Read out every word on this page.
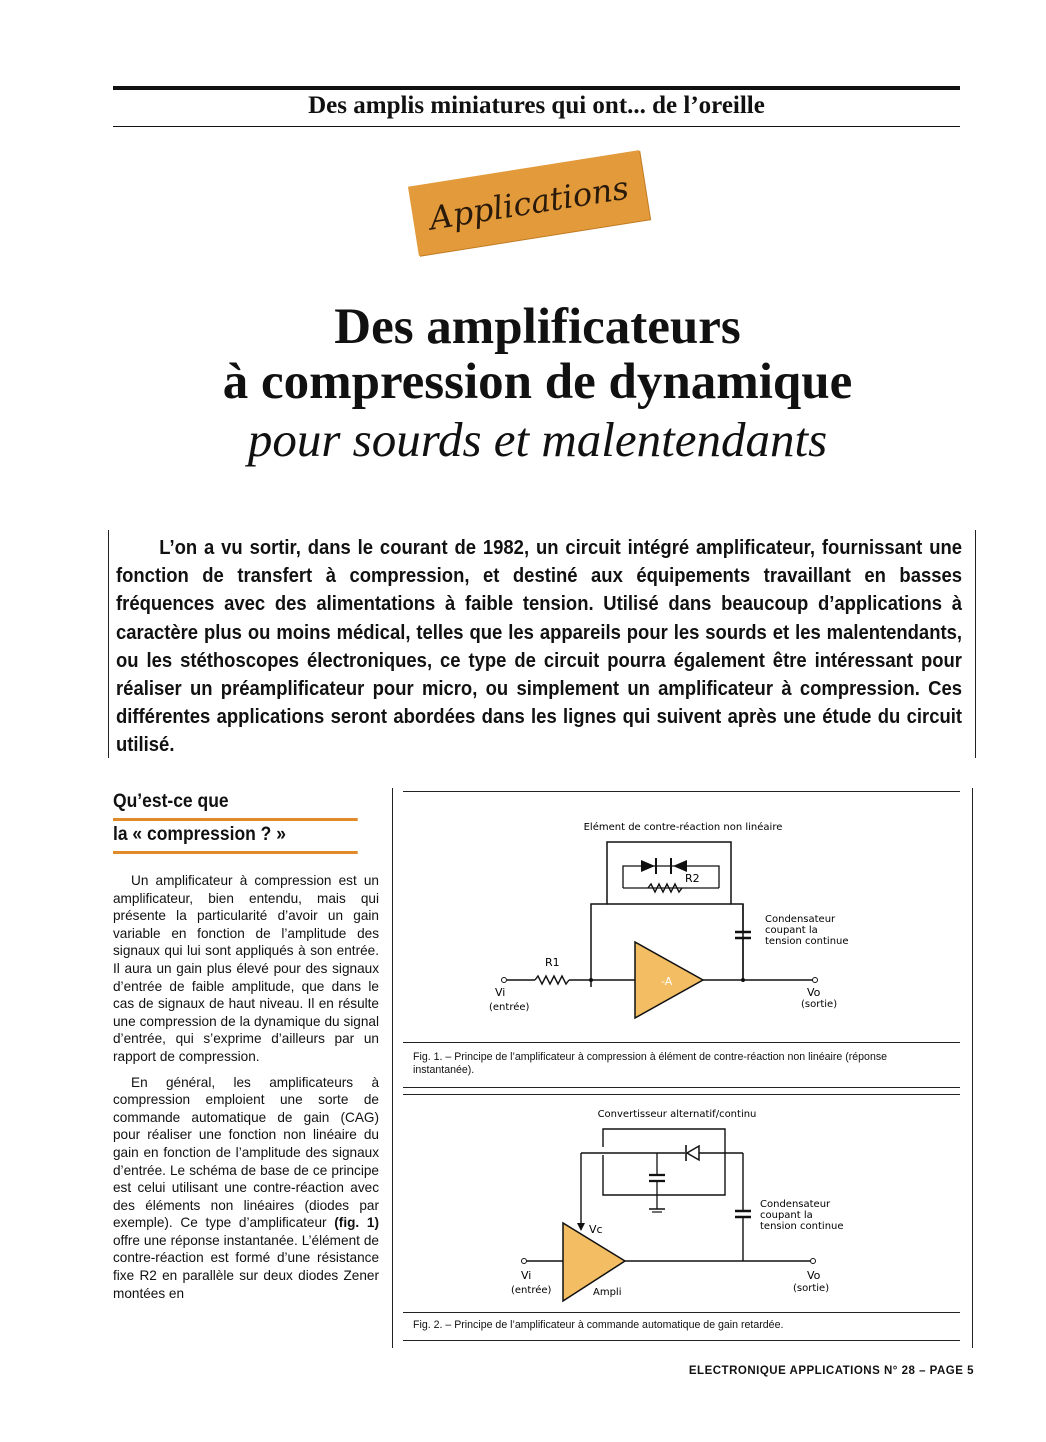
Des amplis miniatures qui ont... de l’oreille
Applications
Des amplificateurs
à compression de dynamique
pour sourds et malentendants
L’on a vu sortir, dans le courant de 1982, un circuit intégré amplificateur, fournissant une fonction de transfert à compression, et destiné aux équipements travaillant en basses fréquences avec des alimentations à faible tension. Utilisé dans beaucoup d’applications à caractère plus ou moins médical, telles que les appareils pour les sourds et les malentendants, ou les stéthoscopes électroniques, ce type de circuit pourra également être intéressant pour réaliser un préamplificateur pour micro, ou simplement un amplificateur à compression. Ces différentes applications seront abordées dans les lignes qui suivent après une étude du circuit utilisé.
Qu’est-ce que
la « compression ? »

Un amplificateur à compression est un amplificateur, bien entendu, mais qui présente la particularité d’avoir un gain variable en fonction de l’amplitude des signaux qui lui sont appliqués à son entrée. Il aura un gain plus élevé pour des signaux d’entrée de faible amplitude, que dans le cas de signaux de haut niveau. Il en résulte une compression de la dynamique du signal d’entrée, qui s’exprime d’ailleurs par un rapport de compression.

En général, les amplificateurs à compression emploient une sorte de commande automatique de gain (CAG) pour réaliser une fonction non linéaire du gain en fonction de l’amplitude des signaux d’entrée. Le schéma de base de ce principe est celui utilisant une contre-réaction avec des éléments non linéaires (diodes par exemple). Ce type d’amplificateur (fig. 1) offre une réponse instantanée. L’élément de contre-réaction est formé d’une résistance fixe R2 en parallèle sur deux diodes Zener montées en

Elément de contre-réaction non linéaire
R2
R1
-A
Condensateur
coupant la
tension continue
Vi
(entrée)
Vo
(sortie)
Fig. 1. – Principe de l’amplificateur à compression à élément de contre-réaction non linéaire (réponse instantanée).
Convertisseur alternatif/continu
Vc
Condensateur
coupant la
tension continue
Ampli
Vi
(entrée)
Vo
(sortie)
Fig. 2. – Principe de l’amplificateur à commande automatique de gain retardée.
ELECTRONIQUE APPLICATIONS N° 28 – PAGE 5
